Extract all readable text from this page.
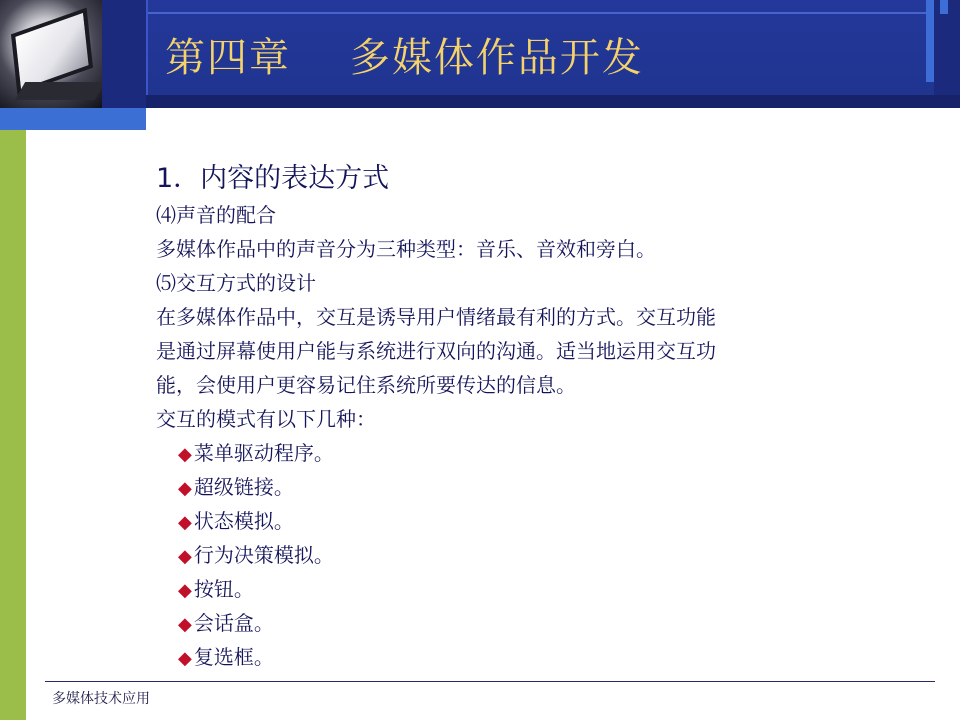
第四章    多媒体作品开发
1．内容的表达方式
⑷声音的配合
多媒体作品中的声音分为三种类型：音乐、音效和旁白。
⑸交互方式的设计
在多媒体作品中，交互是诱导用户情绪最有利的方式。交互功能
是通过屏幕使用户能与系统进行双向的沟通。适当地运用交互功
能，会使用户更容易记住系统所要传达的信息。
交互的模式有以下几种：
◆ 菜单驱动程序。
◆ 超级链接。
◆ 状态模拟。
◆ 行为决策模拟。
◆ 按钮。
◆ 会话盒。
◆ 复选框。
多媒体技术应用
